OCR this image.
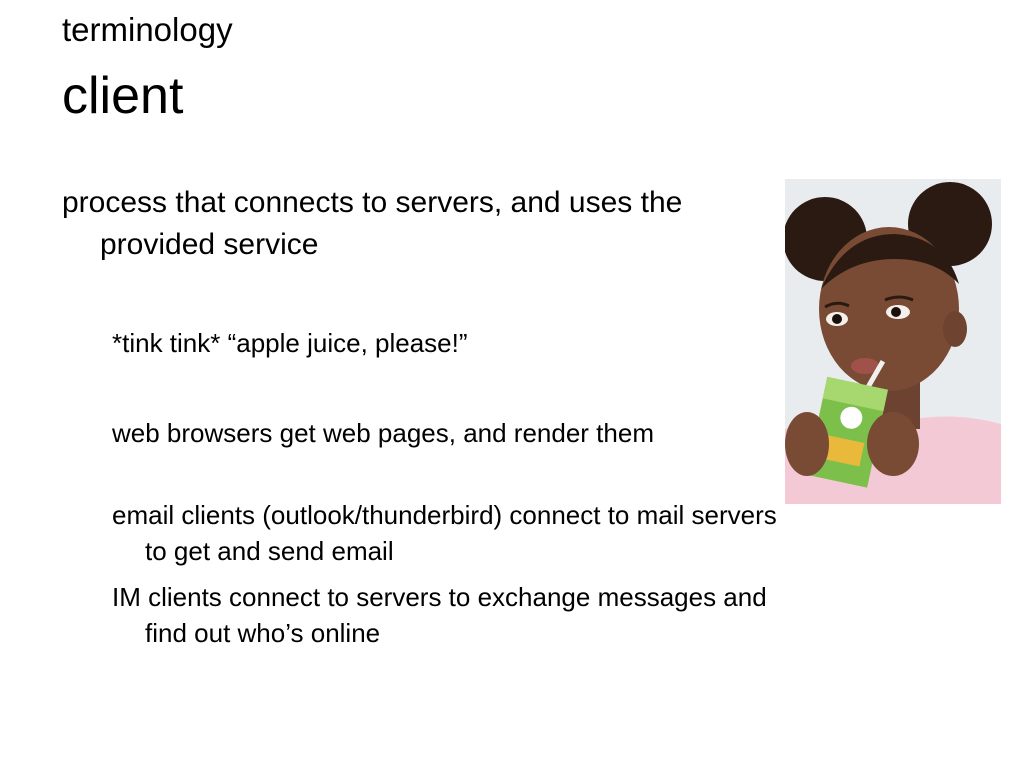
terminology
client
process that connects to servers, and uses the provided service
*tink tink* “apple juice, please!”
web browsers get web pages, and render them
email clients (outlook/thunderbird) connect to mail servers to get and send email
IM clients connect to servers to exchange messages and find out who’s online
